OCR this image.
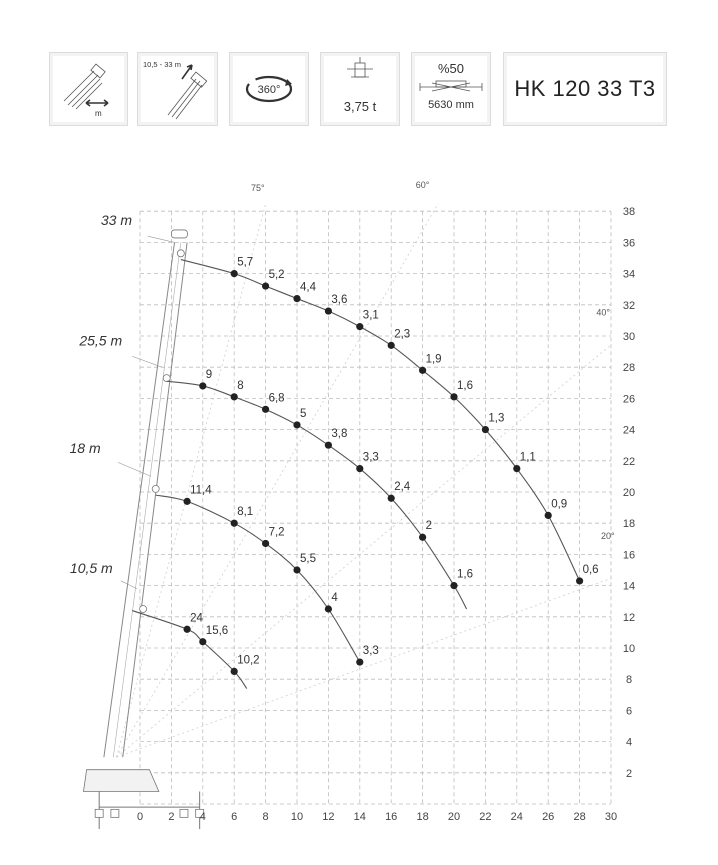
m
10,5 - 33 m
360°
3,75 t
%50
5630 mm
HK 120 33 T3
75°	60°
40°
20°
5,7
5,2
4,4
3,6
3,1
2,3
1,9
1,6
1,3
1,1
0,9
0,6
9
8
6,8
5
3,8
3,3
2,4
2
1,6
11,4
8,1
7,2
5,5
4
3,3
24
15,6
10,2
0 2 4 6 8 10 12 14 16 18 20 22 24 26 28 30
2
4
6
8
10
12
14
16
18
20
22
24
26
28
30
32
34
36
38
33 m
25,5 m
18 m
10,5 m
